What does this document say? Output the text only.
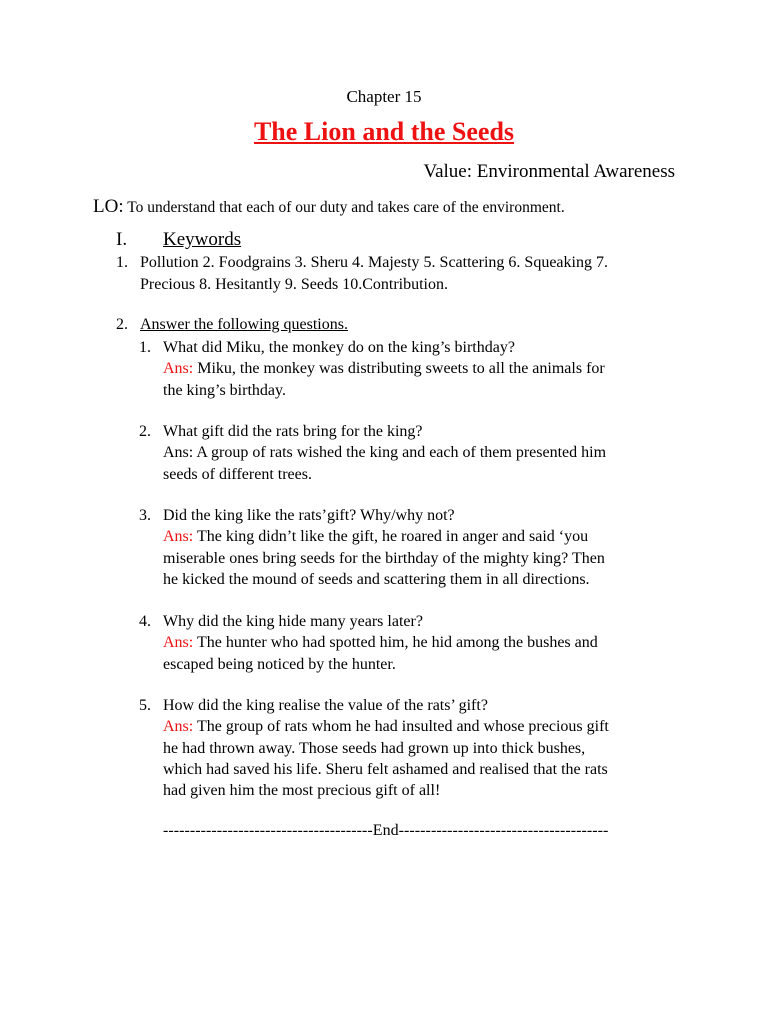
Chapter 15
The Lion and the Seeds
Value: Environmental Awareness
LO: To understand that each of our duty and takes care of the environment.
I. Keywords
1. Pollution 2. Foodgrains 3. Sheru 4. Majesty 5. Scattering 6. Squeaking 7.
Precious 8. Hesitantly 9. Seeds 10.Contribution.
2. Answer the following questions.
1. What did Miku, the monkey do on the king’s birthday?
Ans: Miku, the monkey was distributing sweets to all the animals for
the king’s birthday.
2. What gift did the rats bring for the king?
Ans: A group of rats wished the king and each of them presented him
seeds of different trees.
3. Did the king like the rats’gift? Why/why not?
Ans: The king didn’t like the gift, he roared in anger and said ‘you
miserable ones bring seeds for the birthday of the mighty king? Then
he kicked the mound of seeds and scattering them in all directions.
4. Why did the king hide many years later?
Ans: The hunter who had spotted him, he hid among the bushes and
escaped being noticed by the hunter.
5. How did the king realise the value of the rats’ gift?
Ans: The group of rats whom he had insulted and whose precious gift
he had thrown away. Those seeds had grown up into thick bushes,
which had saved his life. Sheru felt ashamed and realised that the rats
had given him the most precious gift of all!
---------------------------------------End---------------------------------------
